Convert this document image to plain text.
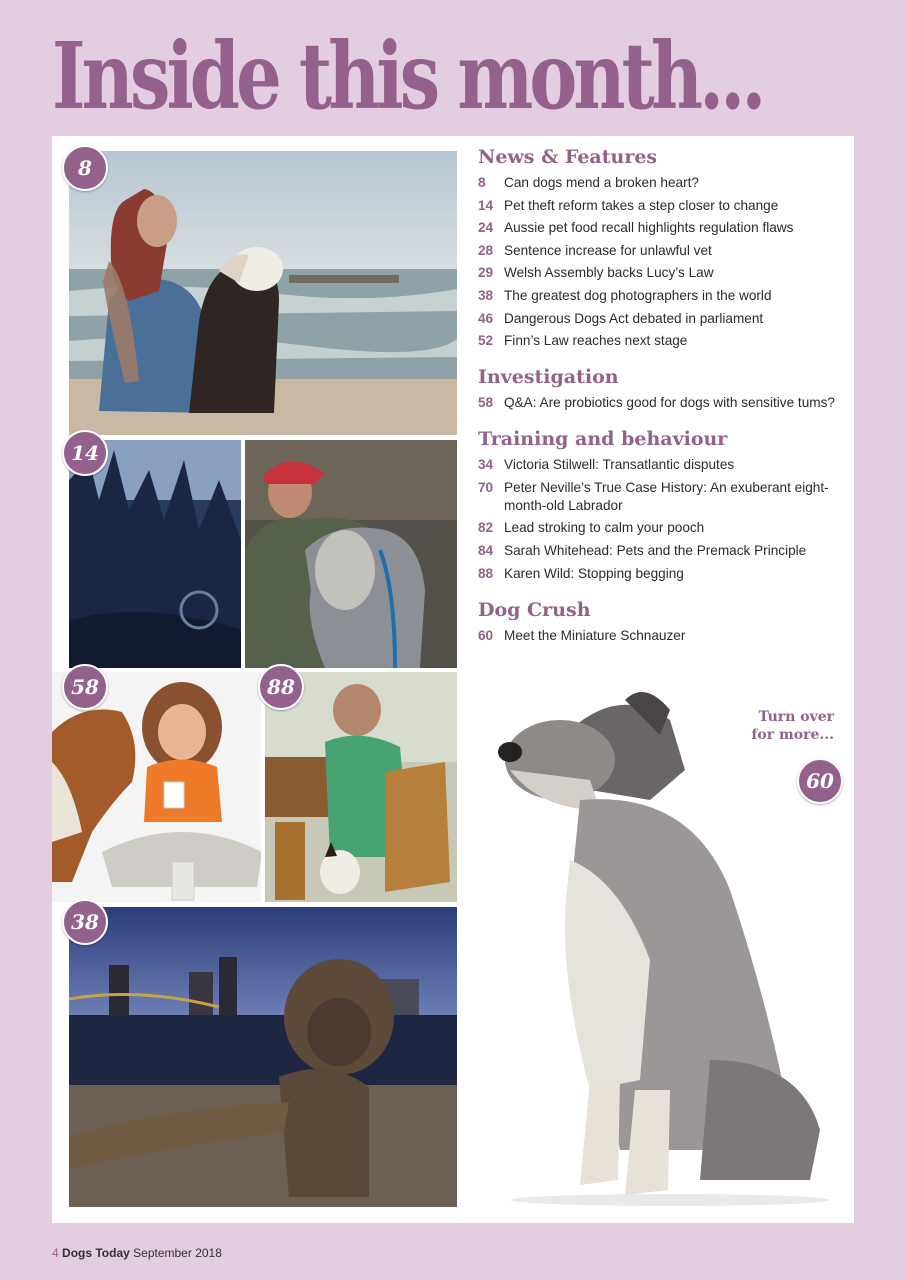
Inside this month...
8
14
58	88
38
News & Features
8	Can dogs mend a broken heart?
14 Pet theft reform takes a step closer to change
24 Aussie pet food recall highlights regulation flaws
28 Sentence increase for unlawful vet
29 Welsh Assembly backs Lucy’s Law
38 The greatest dog photographers in the world
46 Dangerous Dogs Act debated in parliament
52 Finn’s Law reaches next stage
Investigation
58 Q&A: Are probiotics good for dogs with sensitive tums?
Training and behaviour
34 Victoria Stilwell: Transatlantic disputes
70 Peter Neville’s True Case History: An exuberant eight-month-old Labrador
82 Lead stroking to calm your pooch
84 Sarah Whitehead: Pets and the Premack Principle
88 Karen Wild: Stopping begging
Dog Crush
60 Meet the Miniature Schnauzer
Turn over
for more...
60
4 Dogs Today September 2018
